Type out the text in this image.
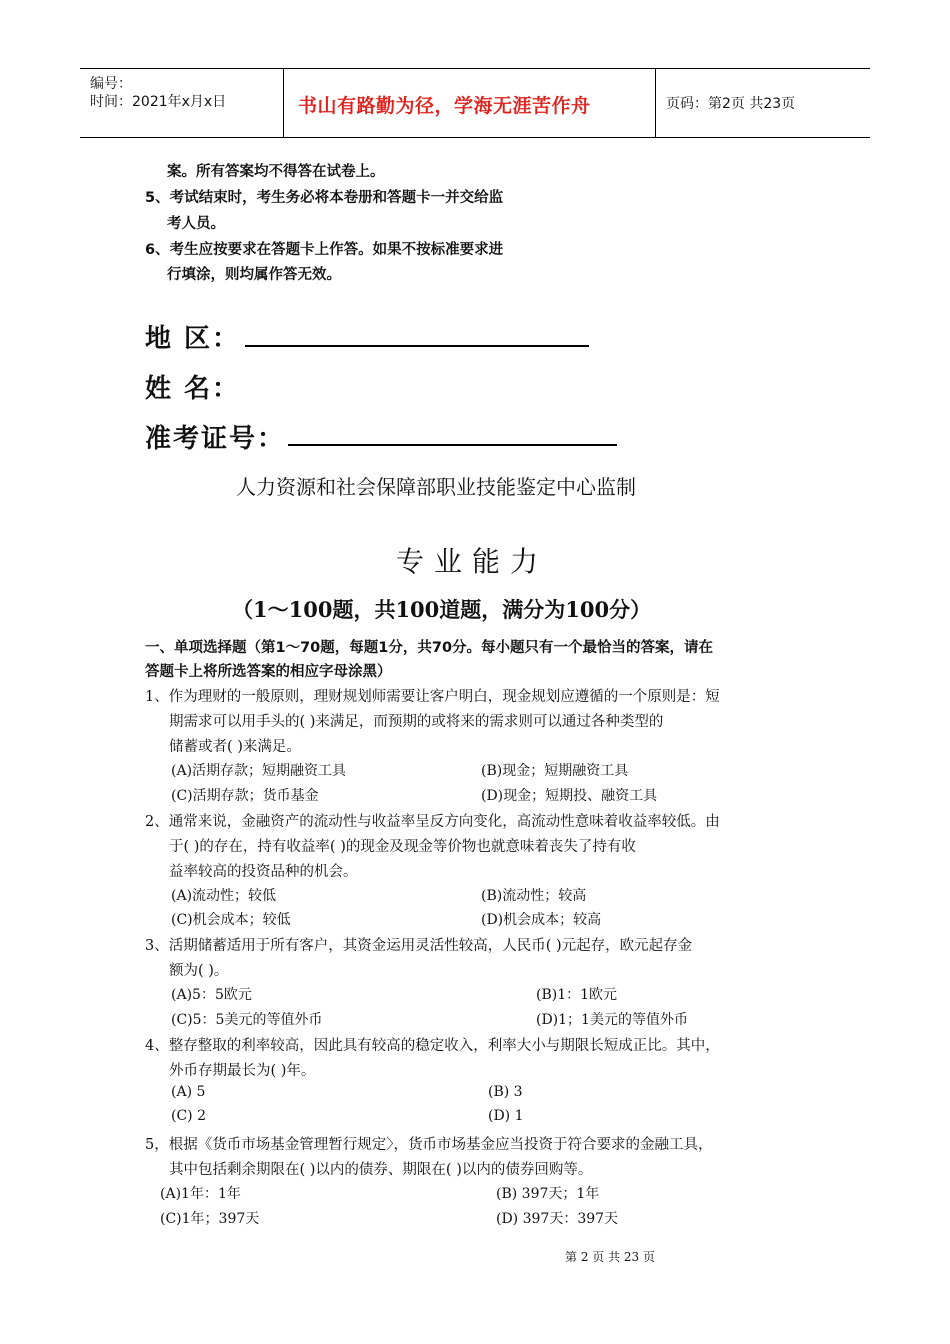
编号：
时间：2021年x月x日	书山有路勤为径，学海无涯苦作舟	页码：第2页 共23页
案。所有答案均不得答在试卷上。
5、考试结束时，考生务必将本卷册和答题卡一并交给监
考人员。
6、考生应按要求在答题卡上作答。如果不按标准要求进
行填涂，则均属作答无效。
地 区：
姓 名：
准考证号：
人力资源和社会保障部职业技能鉴定中心监制
专业能力
（1～100题，共100道题，满分为100分）
一、单项选择题（第1～70题，每题1分，共70分。每小题只有一个最恰当的答案，请在
答题卡上将所选答案的相应字母涂黑）
1、作为理财的一般原则，理财规划师需要让客户明白，现金规划应遵循的一个原则是：短
期需求可以用手头的( )来满足，而预期的或将来的需求则可以通过各种类型的
储蓄或者( )来满足。
(A)活期存款；短期融资工具	(B)现金；短期融资工具
(C)活期存款；货币基金	(D)现金；短期投、融资工具
2、通常来说，金融资产的流动性与收益率呈反方向变化，高流动性意味着收益率较低。由
于( )的存在，持有收益率( )的现金及现金等价物也就意味着丧失了持有收
益率较高的投资品种的机会。
(A)流动性；较低	(B)流动性；较高
(C)机会成本；较低	(D)机会成本；较高
3、活期储蓄适用于所有客户，其资金运用灵活性较高，人民币( )元起存，欧元起存金
额为( )。
(A)5：5欧元	(B)1：1欧元
(C)5：5美元的等值外币	(D)1；1美元的等值外币
4、整存整取的利率较高，因此具有较高的稳定收入，利率大小与期限长短成正比。其中，
外币存期最长为( )年。
(A) 5	(B) 3
(C) 2	(D) 1
5，根据《货币市场基金管理暂行规定〉，货币市场基金应当投资于符合要求的金融工具，
其中包括剩余期限在( )以内的债券、期限在( )以内的债券回购等。
(A)1年：1年	(B) 397天；1年
(C)1年；397天	(D) 397天：397天
第 2 页 共 23 页
